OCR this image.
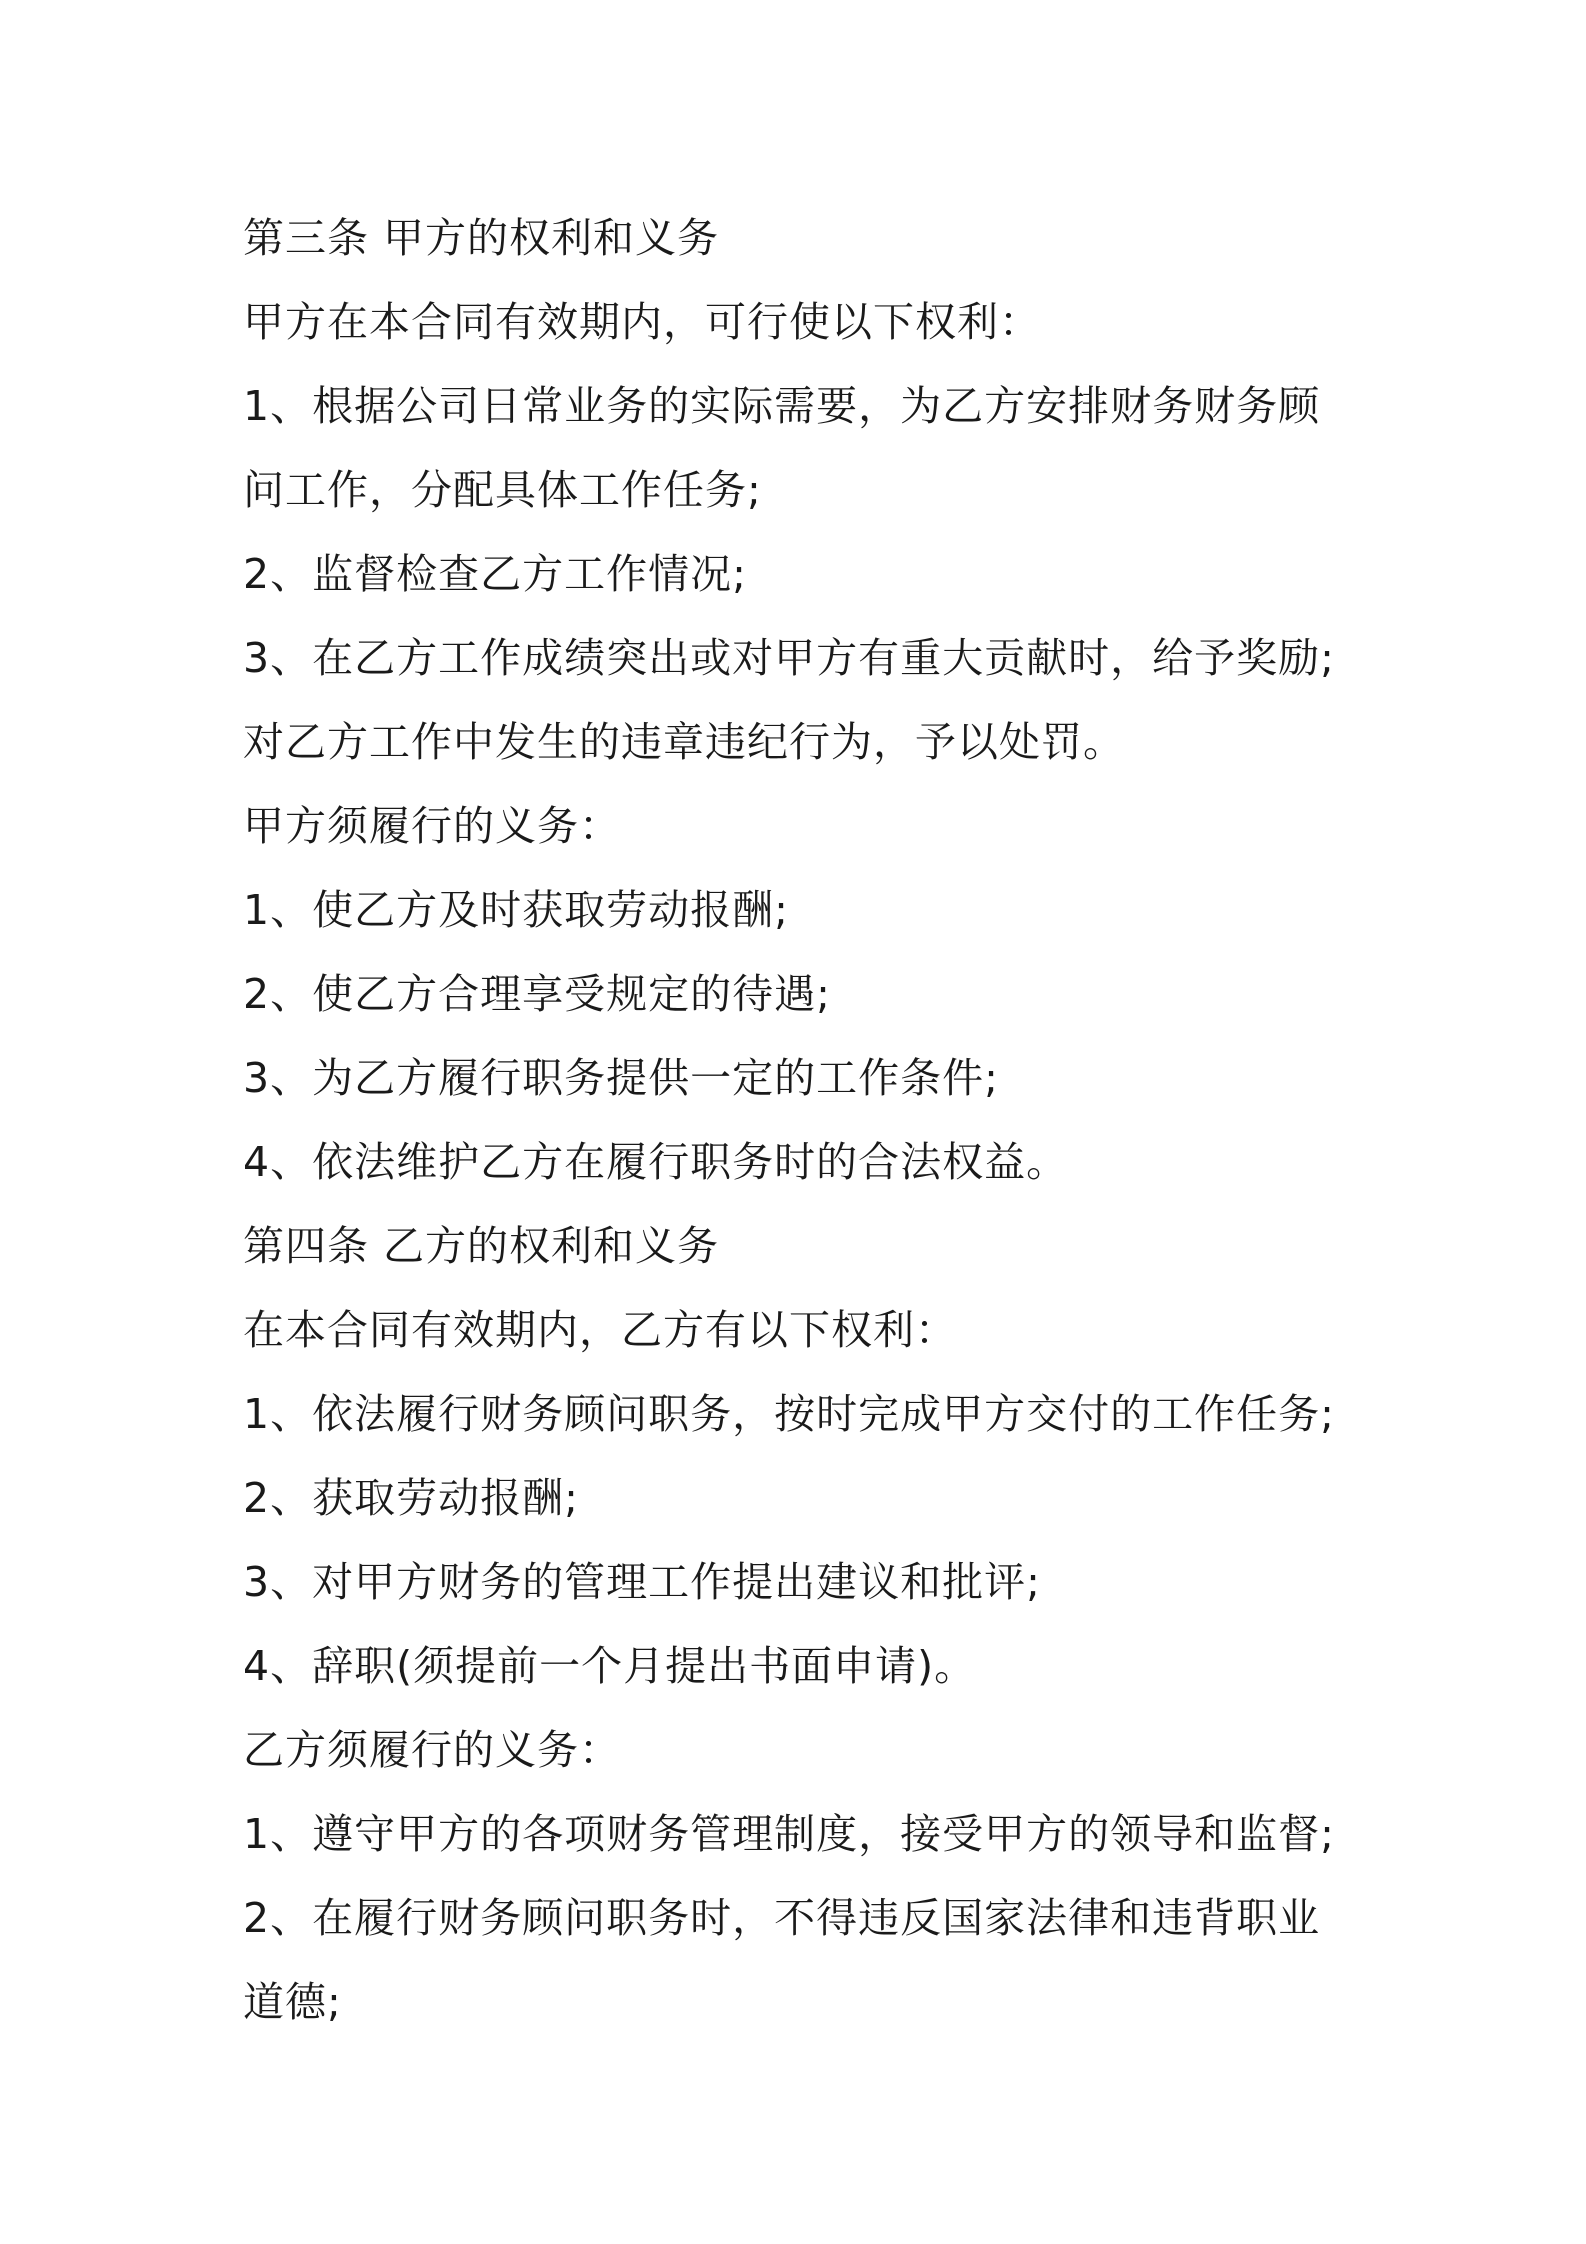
第三条 甲方的权利和义务
甲方在本合同有效期内，可行使以下权利：
1、根据公司日常业务的实际需要，为乙方安排财务财务顾
问工作，分配具体工作任务;
2、监督检查乙方工作情况;
3、在乙方工作成绩突出或对甲方有重大贡献时，给予奖励;
对乙方工作中发生的违章违纪行为，予以处罚。
甲方须履行的义务：
1、使乙方及时获取劳动报酬;
2、使乙方合理享受规定的待遇;
3、为乙方履行职务提供一定的工作条件;
4、依法维护乙方在履行职务时的合法权益。
第四条 乙方的权利和义务
在本合同有效期内，乙方有以下权利：
1、依法履行财务顾问职务，按时完成甲方交付的工作任务;
2、获取劳动报酬;
3、对甲方财务的管理工作提出建议和批评;
4、辞职(须提前一个月提出书面申请)。
乙方须履行的义务：
1、遵守甲方的各项财务管理制度，接受甲方的领导和监督;
2、在履行财务顾问职务时，不得违反国家法律和违背职业
道德;
